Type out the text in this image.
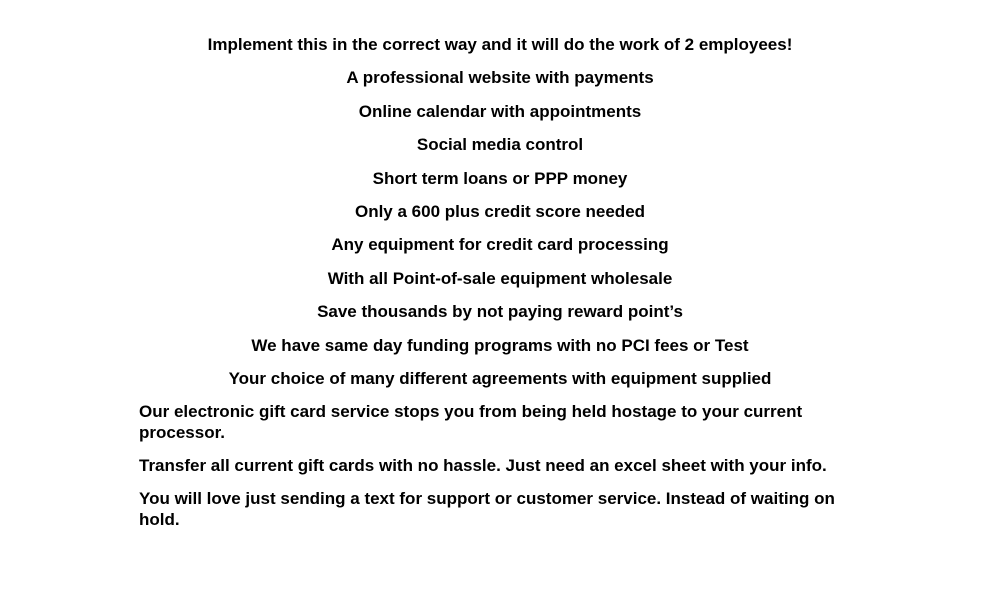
Implement this in the correct way and it will do the work of 2 employees!

A professional website with payments

Online calendar with appointments

Social media control

Short term loans or PPP money

Only a 600 plus credit score needed

Any equipment for credit card processing

With all Point-of-sale equipment wholesale

Save thousands by not paying reward point’s

We have same day funding programs with no PCI fees or Test

Your choice of many different agreements with equipment supplied

Our electronic gift card service stops you from being held hostage to your current processor.

Transfer all current gift cards with no hassle. Just need an excel sheet with your info.

You will love just sending a text for support or customer service. Instead of waiting on hold.
